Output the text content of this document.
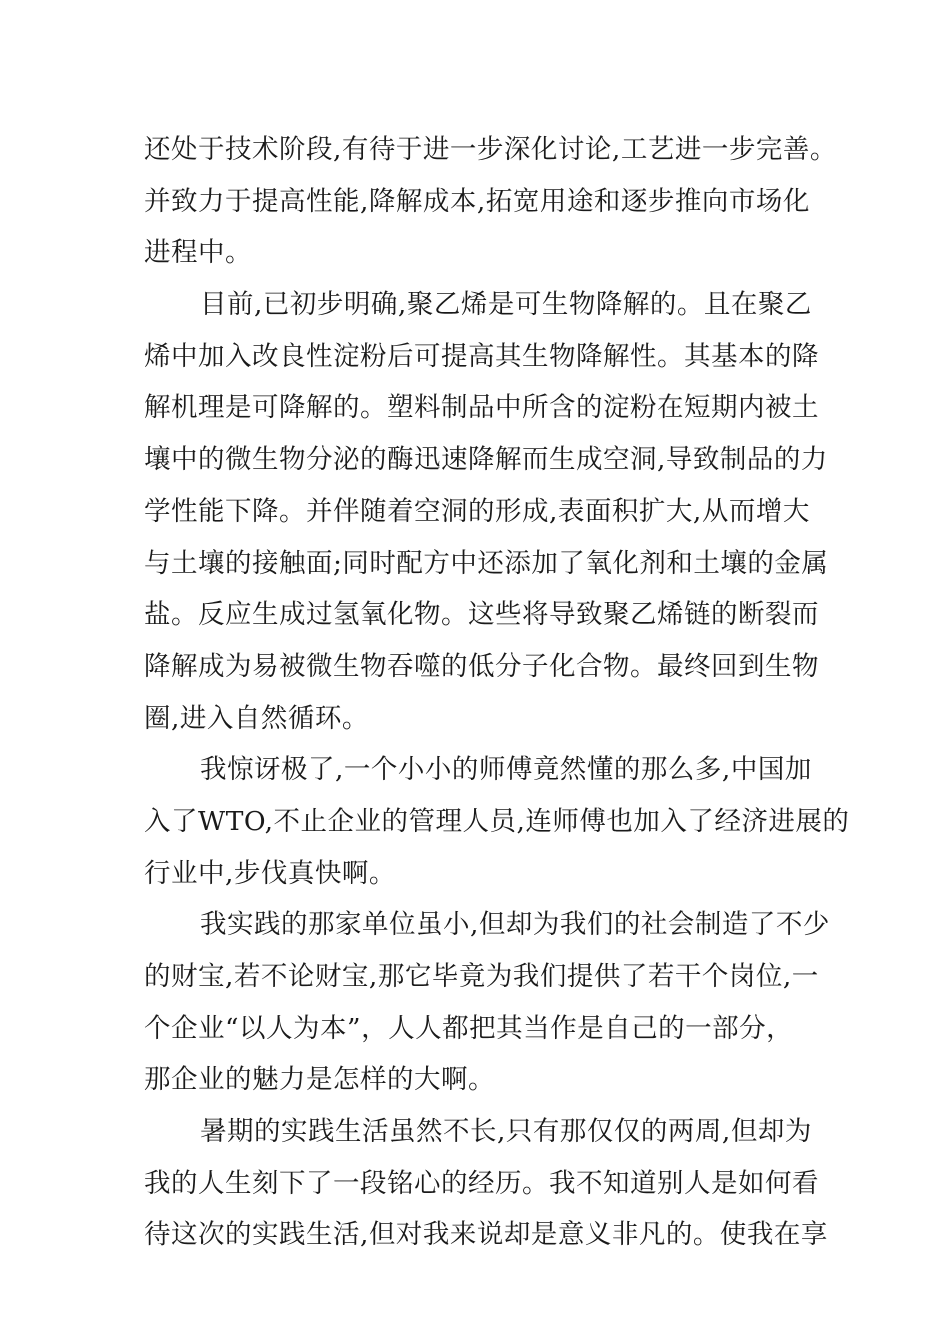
还处于技术阶段,有待于进一步深化讨论,工艺进一步完善。
并致力于提高性能,降解成本,拓宽用途和逐步推向市场化
进程中。

目前,已初步明确,聚乙烯是可生物降解的。且在聚乙
烯中加入改良性淀粉后可提高其生物降解性。其基本的降
解机理是可降解的。塑料制品中所含的淀粉在短期内被土
壤中的微生物分泌的酶迅速降解而生成空洞,导致制品的力
学性能下降。并伴随着空洞的形成,表面积扩大,从而增大
与土壤的接触面;同时配方中还添加了氧化剂和土壤的金属
盐。反应生成过氢氧化物。这些将导致聚乙烯链的断裂而
降解成为易被微生物吞噬的低分子化合物。最终回到生物
圈,进入自然循环。

我惊讶极了,一个小小的师傅竟然懂的那么多,中国加
入了WTO,不止企业的管理人员,连师傅也加入了经济进展的
行业中,步伐真快啊。

我实践的那家单位虽小,但却为我们的社会制造了不少
的财宝,若不论财宝,那它毕竟为我们提供了若干个岗位,一
个企业“以人为本”，人人都把其当作是自己的一部分，
那企业的魅力是怎样的大啊。

暑期的实践生活虽然不长,只有那仅仅的两周,但却为
我的人生刻下了一段铭心的经历。我不知道别人是如何看
待这次的实践生活,但对我来说却是意义非凡的。使我在享
